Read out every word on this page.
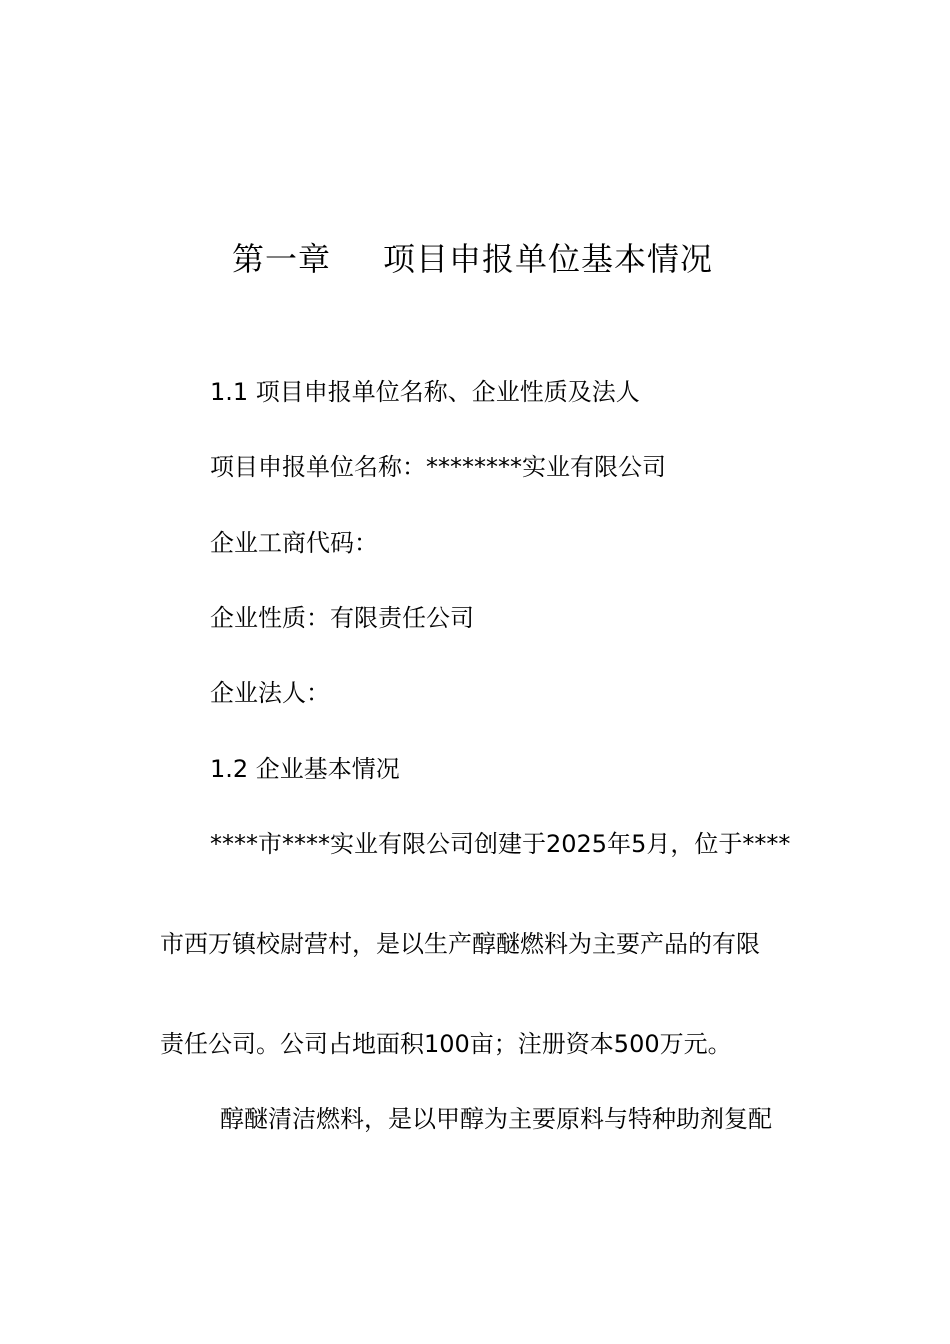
第一章 项目申报单位基本情况
1.1 项目申报单位名称、企业性质及法人
项目申报单位名称：********实业有限公司
企业工商代码：
企业性质：有限责任公司
企业法人：
1.2 企业基本情况
****市****实业有限公司创建于2025年5月，位于****
市西万镇校尉营村，是以生产醇醚燃料为主要产品的有限
责任公司。公司占地面积100亩；注册资本500万元。
醇醚清洁燃料，是以甲醇为主要原料与特种助剂复配
